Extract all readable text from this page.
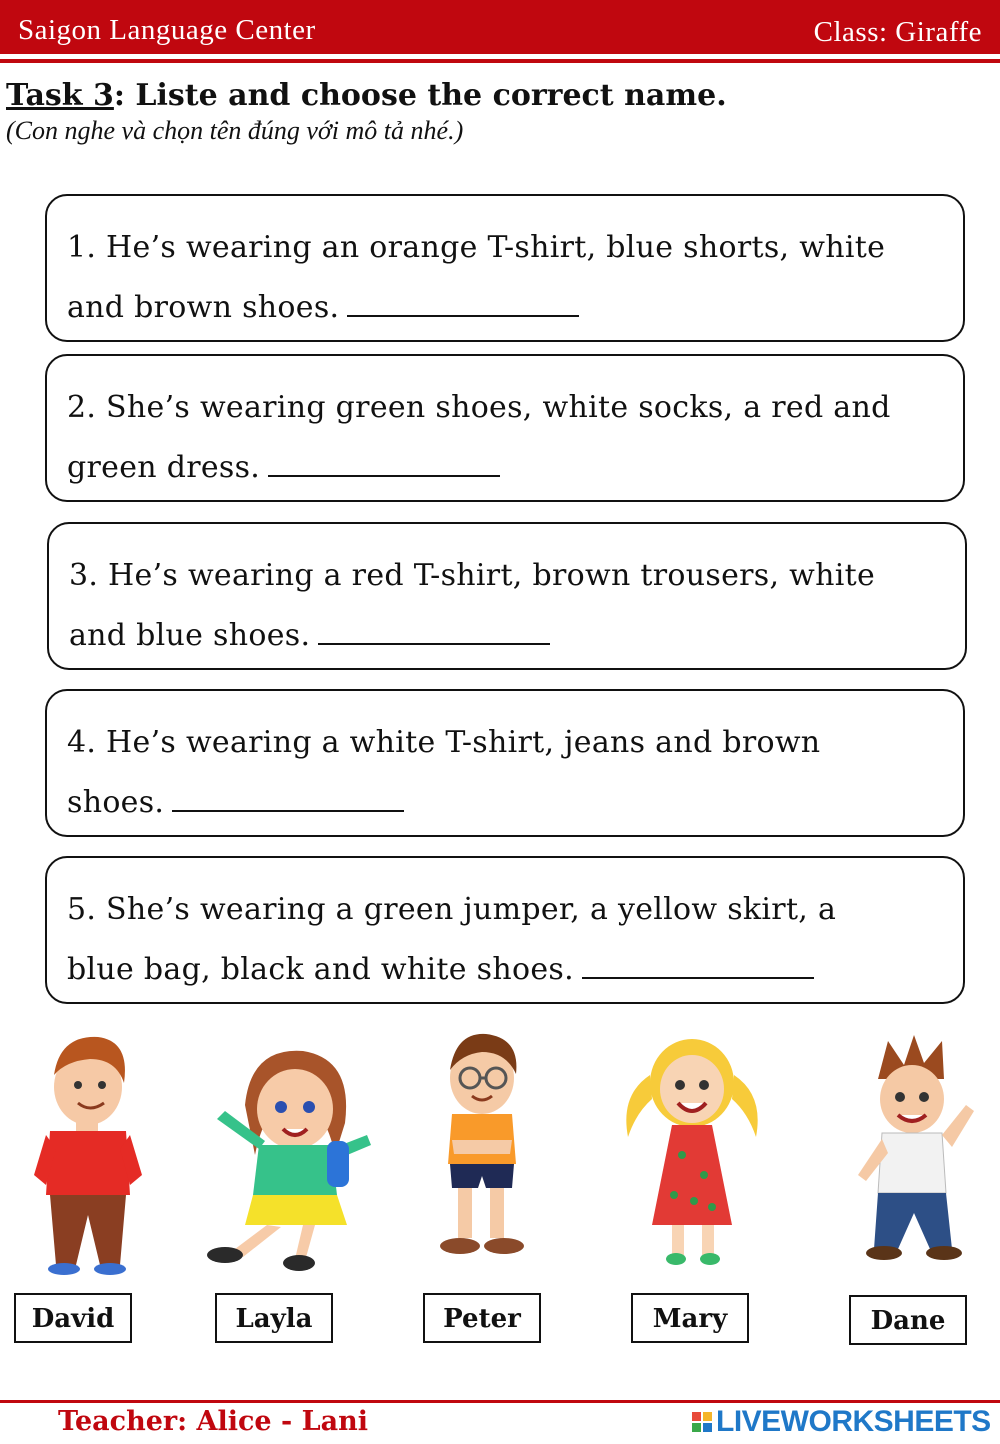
Saigon Language Center	Class: Giraffe
Task 3: Liste and choose the correct name.
(Con nghe và chọn tên đúng với mô tả nhé.)
1. He’s wearing an orange T-shirt, blue shorts, white
and brown shoes.
2. She’s wearing green shoes, white socks, a red and
green dress.
3. He’s wearing a red T-shirt, brown trousers, white
and blue shoes.
4. He’s wearing a white T-shirt, jeans and brown
shoes.
5. She’s wearing a green jumper, a yellow skirt, a
blue bag, black and white shoes.
David	Layla	Peter	Mary	Dane
Teacher: Alice - Lani	LIVEWORKSHEETS
